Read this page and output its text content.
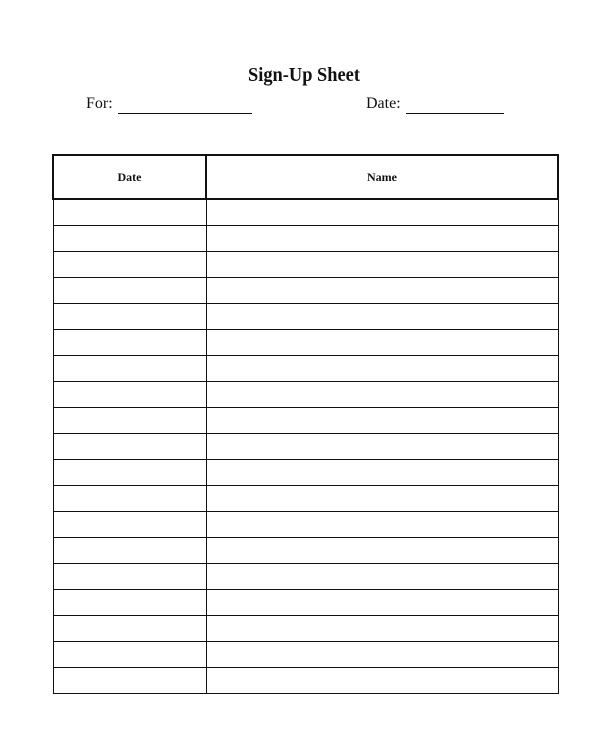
Sign-Up Sheet
For:	Date:
Date	Name
